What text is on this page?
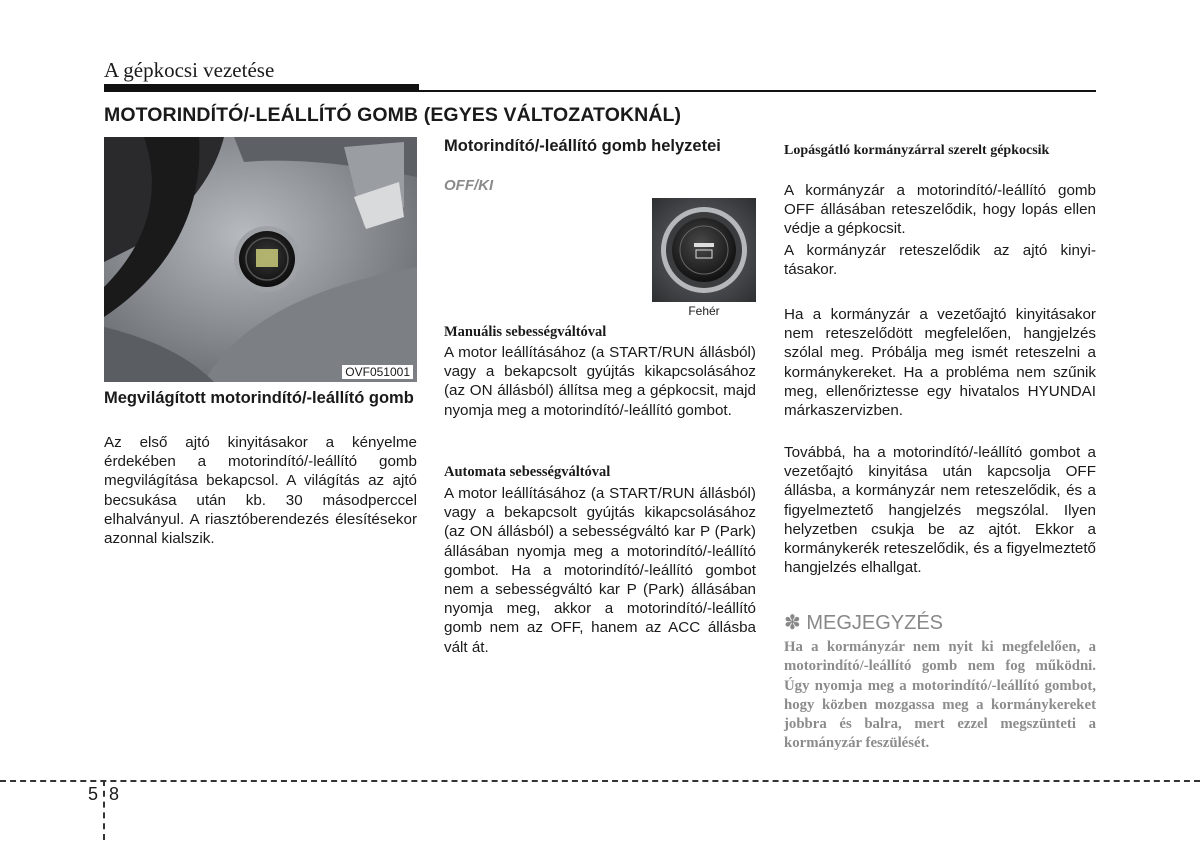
A gépkocsi vezetése
MOTORINDÍTÓ/-LEÁLLÍTÓ GOMB (EGYES VÁLTOZATOKNÁL)
OVF051001
Megvilágított motorindító/-leállító gomb
Az első ajtó kinyitásakor a kényelme érdekében a motorindító/-leállító gomb megvilágítása bekapcsol. A világítás az ajtó becsukása után kb. 30 másodperccel elhalványul. A riasztóberendezés élesítésekor azonnal kialszik.
Motorindító/-leállító gomb helyzetei
OFF/KI
Fehér
Manuális sebességváltóval
A motor leállításához (a START/RUN állásból) vagy a bekapcsolt gyújtás kikapcsolásához (az ON állásból) állítsa meg a gépkocsit, majd nyomja meg a motorindító/-leállító gombot.
Automata sebességváltóval
A motor leállításához (a START/RUN állásból) vagy a bekapcsolt gyújtás kikapcsolásához (az ON állásból) a sebességváltó kar P (Park) állásában nyomja meg a motorindító/-leállító gombot. Ha a motorindító/-leállító gombot nem a sebességváltó kar P (Park) állásában nyomja meg, akkor a motorindító/-leállító gomb nem az OFF, hanem az ACC állásba vált át.
Lopásgátló kormányzárral szerelt gépkocsik
A kormányzár a motorindító/-leállító gomb OFF állásában reteszelődik, hogy lopás ellen védje a gépkocsit.
A kormányzár reteszelődik az ajtó kinyitásakor.
Ha a kormányzár a vezetőajtó kinyitásakor nem reteszelődött megfelelően, hangjelzés szólal meg. Próbálja meg ismét reteszelni a kormánykereket. Ha a probléma nem szűnik meg, ellenőriztesse egy hivatalos HYUNDAI márkaszervizben.
Továbbá, ha a motorindító/-leállító gombot a vezetőajtó kinyitása után kapcsolja OFF állásba, a kormányzár nem reteszelődik, és a figyelmeztető hangjelzés megszólal. Ilyen helyzetben csukja be az ajtót. Ekkor a kormánykerék reteszelődik, és a figyelmeztető hangjelzés elhallgat.
✽ MEGJEGYZÉS
Ha a kormányzár nem nyit ki megfelelően, a motorindító/-leállító gomb nem fog működni. Úgy nyomja meg a motorindító/-leállító gombot, hogy közben mozgassa meg a kormánykereket jobbra és balra, mert ezzel megszünteti a kormányzár feszülését.
5 8
